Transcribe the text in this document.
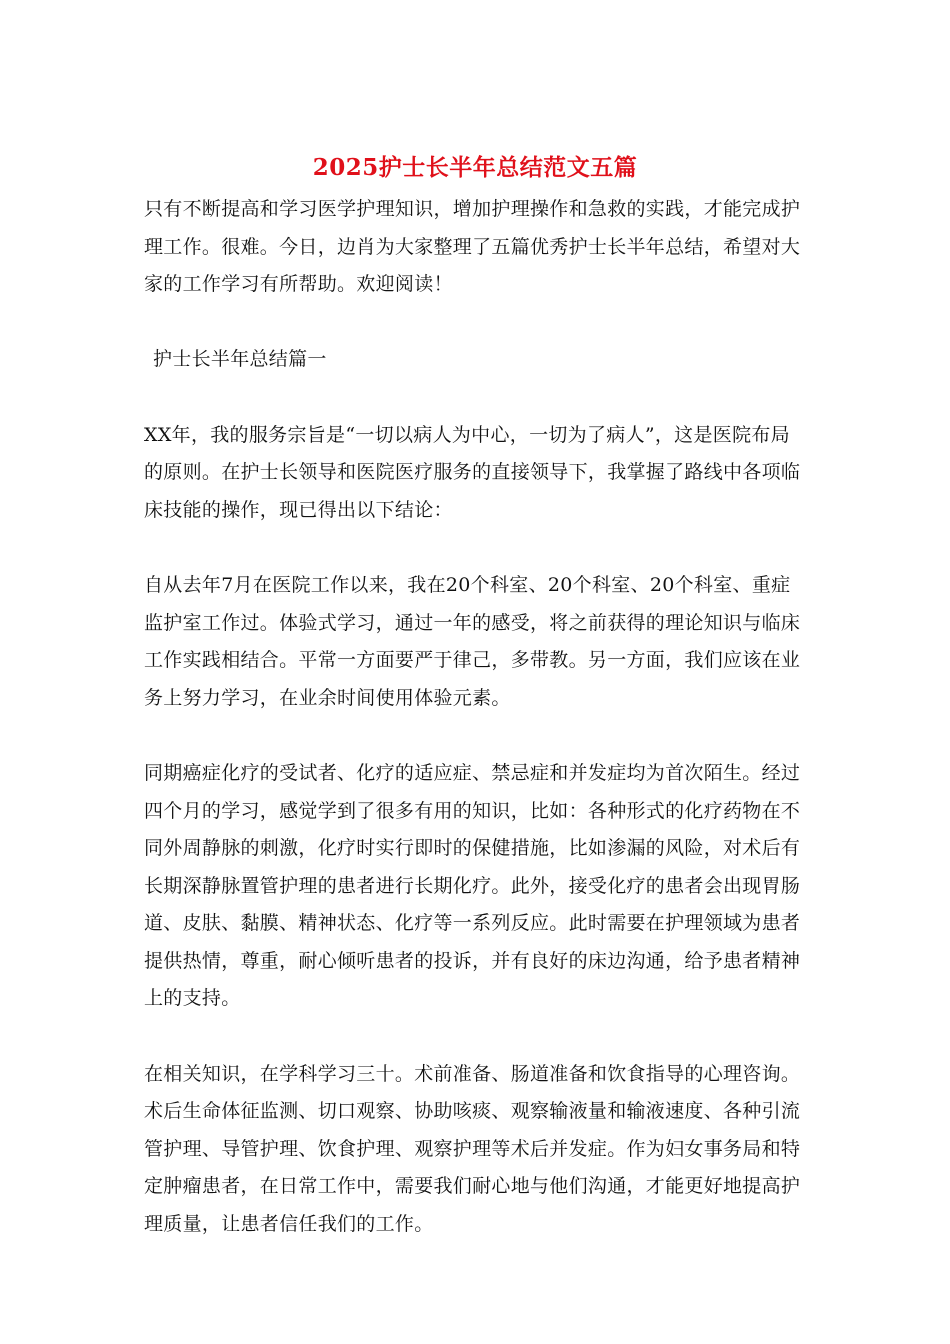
2025护士长半年总结范文五篇

只有不断提高和学习医学护理知识，增加护理操作和急救的实践，才能完成护理工作。很难。今日，边肖为大家整理了五篇优秀护士长半年总结，希望对大家的工作学习有所帮助。欢迎阅读！

护士长半年总结篇一

XX年，我的服务宗旨是“一切以病人为中心，一切为了病人”，这是医院布局的原则。在护士长领导和医院医疗服务的直接领导下，我掌握了路线中各项临床技能的操作，现已得出以下结论：

自从去年7月在医院工作以来，我在20个科室、20个科室、20个科室、重症监护室工作过。体验式学习，通过一年的感受，将之前获得的理论知识与临床工作实践相结合。平常一方面要严于律己，多带教。另一方面，我们应该在业务上努力学习，在业余时间使用体验元素。

同期癌症化疗的受试者、化疗的适应症、禁忌症和并发症均为首次陌生。经过四个月的学习，感觉学到了很多有用的知识，比如：各种形式的化疗药物在不同外周静脉的刺激，化疗时实行即时的保健措施，比如渗漏的风险，对术后有长期深静脉置管护理的患者进行长期化疗。此外，接受化疗的患者会出现胃肠道、皮肤、黏膜、精神状态、化疗等一系列反应。此时需要在护理领域为患者提供热情，尊重，耐心倾听患者的投诉，并有良好的床边沟通，给予患者精神上的支持。

在相关知识，在学科学习三十。术前准备、肠道准备和饮食指导的心理咨询。术后生命体征监测、切口观察、协助咳痰、观察输液量和输液速度、各种引流管护理、导管护理、饮食护理、观察护理等术后并发症。作为妇女事务局和特定肿瘤患者，在日常工作中，需要我们耐心地与他们沟通，才能更好地提高护理质量，让患者信任我们的工作。
